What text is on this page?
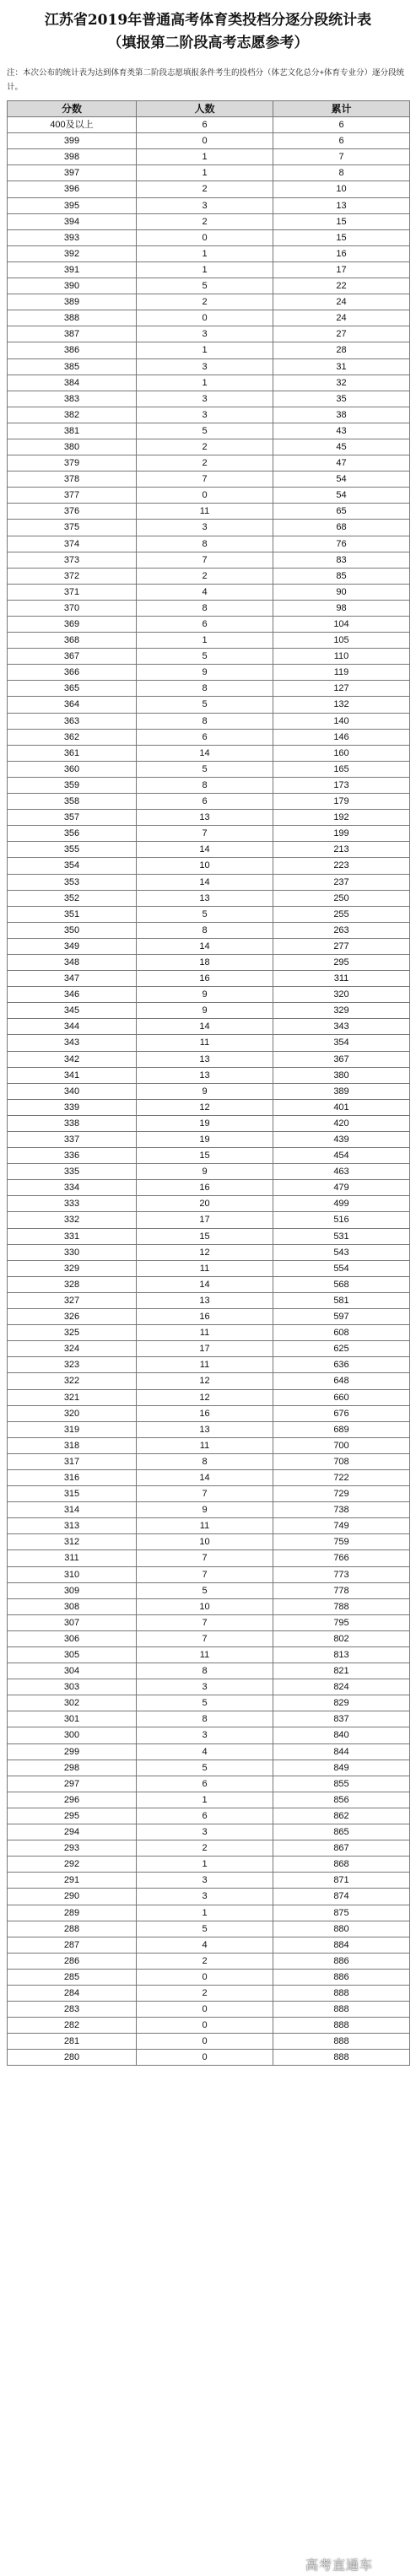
江苏省2019年普通高考体育类投档分逐分段统计表
（填报第二阶段高考志愿参考）
注：本次公布的统计表为达到体育类第二阶段志愿填报条件考生的投档分（体艺文化总分+体育专业分）逐分段统计。
分数	人数	累计
400及以上	6	6
399	0	6
398	1	7
397	1	8
396	2	10
395	3	13
394	2	15
393	0	15
392	1	16
391	1	17
390	5	22
389	2	24
388	0	24
387	3	27
386	1	28
385	3	31
384	1	32
383	3	35
382	3	38
381	5	43
380	2	45
379	2	47
378	7	54
377	0	54
376	11	65
375	3	68
374	8	76
373	7	83
372	2	85
371	4	90
370	8	98
369	6	104
368	1	105
367	5	110
366	9	119
365	8	127
364	5	132
363	8	140
362	6	146
361	14	160
360	5	165
359	8	173
358	6	179
357	13	192
356	7	199
355	14	213
354	10	223
353	14	237
352	13	250
351	5	255
350	8	263
349	14	277
348	18	295
347	16	311
346	9	320
345	9	329
344	14	343
343	11	354
342	13	367
341	13	380
340	9	389
339	12	401
338	19	420
337	19	439
336	15	454
335	9	463
334	16	479
333	20	499
332	17	516
331	15	531
330	12	543
329	11	554
328	14	568
327	13	581
326	16	597
325	11	608
324	17	625
323	11	636
322	12	648
321	12	660
320	16	676
319	13	689
318	11	700
317	8	708
316	14	722
315	7	729
314	9	738
313	11	749
312	10	759
311	7	766
310	7	773
309	5	778
308	10	788
307	7	795
306	7	802
305	11	813
304	8	821
303	3	824
302	5	829
301	8	837
300	3	840
299	4	844
298	5	849
297	6	855
296	1	856
295	6	862
294	3	865
293	2	867
292	1	868
291	3	871
290	3	874
289	1	875
288	5	880
287	4	884
286	2	886
285	0	886
284	2	888
283	0	888
282	0	888
281	0	888
280	0	888
高考直通车
